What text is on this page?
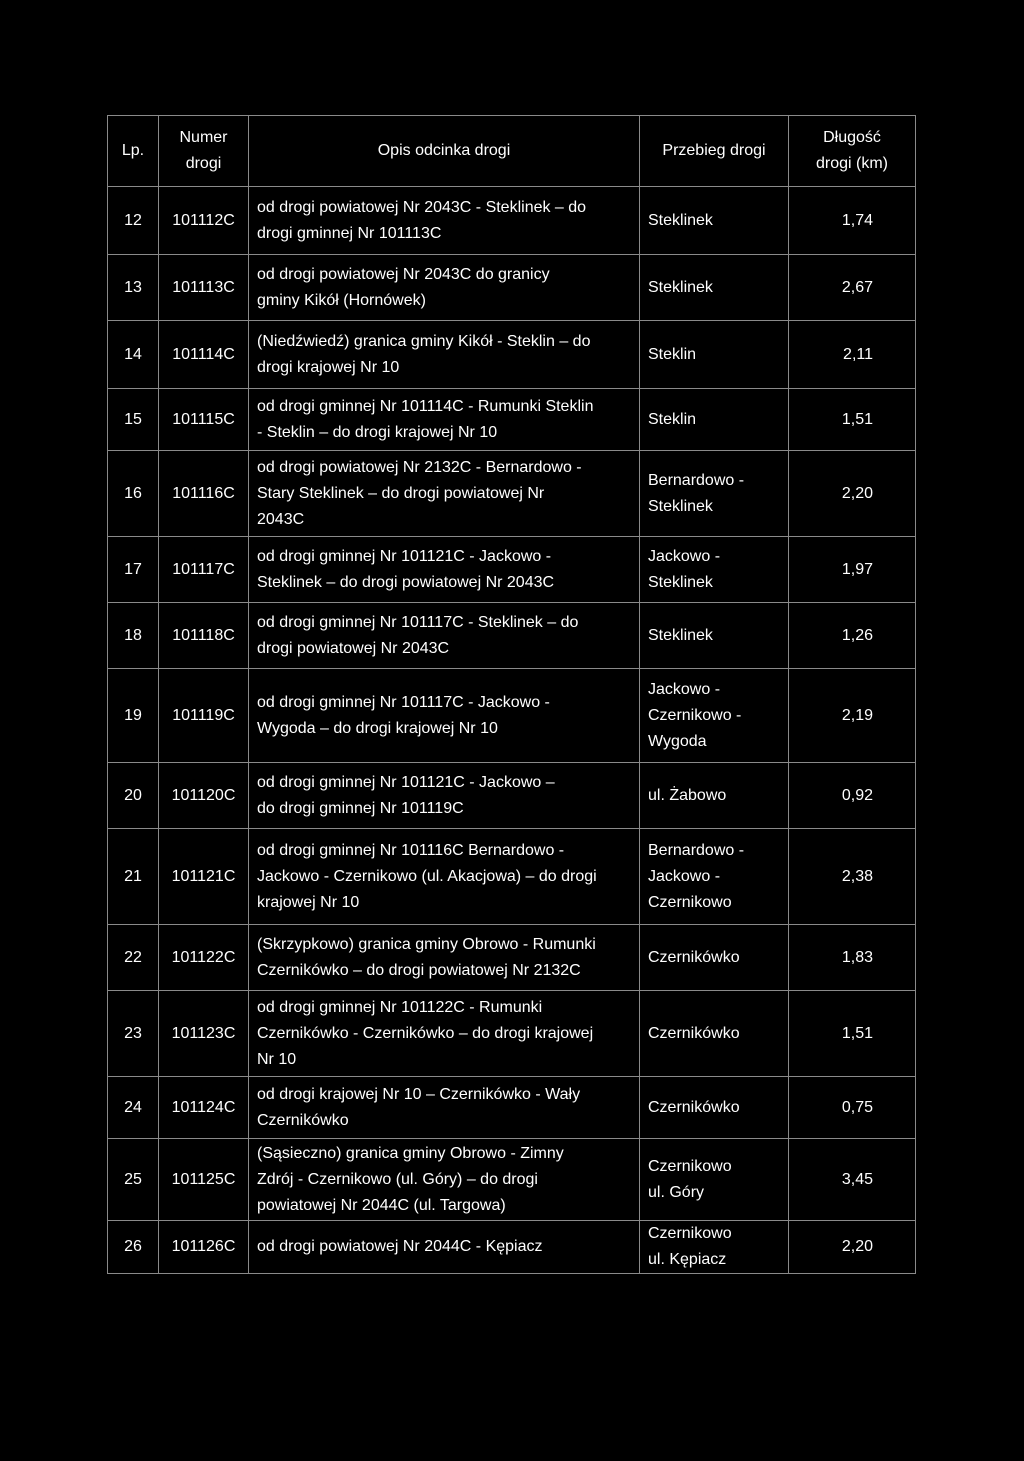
Lp.	Numer
drogi	Opis odcinka drogi	Przebieg drogi	Długość
drogi (km)

12	101112C	od drogi powiatowej Nr 2043C - Steklinek – do
drogi gminnej Nr 101113C	Steklinek	1,74
13	101113C	od drogi powiatowej Nr 2043C do granicy
gminy Kikół (Hornówek)	Steklinek	2,67
14	101114C	(Niedźwiedź) granica gminy Kikół - Steklin – do
drogi krajowej Nr 10	Steklin	2,11
15	101115C	od drogi gminnej Nr 101114C - Rumunki Steklin
- Steklin – do drogi krajowej Nr 10	Steklin	1,51
16	101116C	od drogi powiatowej Nr 2132C - Bernardowo -
Stary Steklinek – do drogi powiatowej Nr
2043C	Bernardowo -
Steklinek	2,20
17	101117C	od drogi gminnej Nr 101121C - Jackowo -
Steklinek – do drogi powiatowej Nr 2043C	Jackowo -
Steklinek	1,97
18	101118C	od drogi gminnej Nr 101117C - Steklinek – do
drogi powiatowej Nr 2043C	Steklinek	1,26
19	101119C	od drogi gminnej Nr 101117C - Jackowo -
Wygoda – do drogi krajowej Nr 10	Jackowo -
Czernikowo -
Wygoda	2,19
20	101120C	od drogi gminnej Nr 101121C - Jackowo –
do drogi gminnej Nr 101119C	ul. Żabowo	0,92
21	101121C	od drogi gminnej Nr 101116C Bernardowo -
Jackowo - Czernikowo (ul. Akacjowa) – do drogi
krajowej Nr 10	Bernardowo -
Jackowo -
Czernikowo	2,38
22	101122C	(Skrzypkowo) granica gminy Obrowo - Rumunki
Czernikówko – do drogi powiatowej Nr 2132C	Czernikówko	1,83
23	101123C	od drogi gminnej Nr 101122C - Rumunki
Czernikówko - Czernikówko – do drogi krajowej
Nr 10	Czernikówko	1,51
24	101124C	od drogi krajowej Nr 10 – Czernikówko - Wały
Czernikówko	Czernikówko	0,75
25	101125C	(Sąsieczno) granica gminy Obrowo - Zimny
Zdrój - Czernikowo (ul. Góry) – do drogi
powiatowej Nr 2044C (ul. Targowa)	Czernikowo
ul. Góry	3,45
26	101126C	od drogi powiatowej Nr 2044C - Kępiacz	Czernikowo
ul. Kępiacz	2,20
